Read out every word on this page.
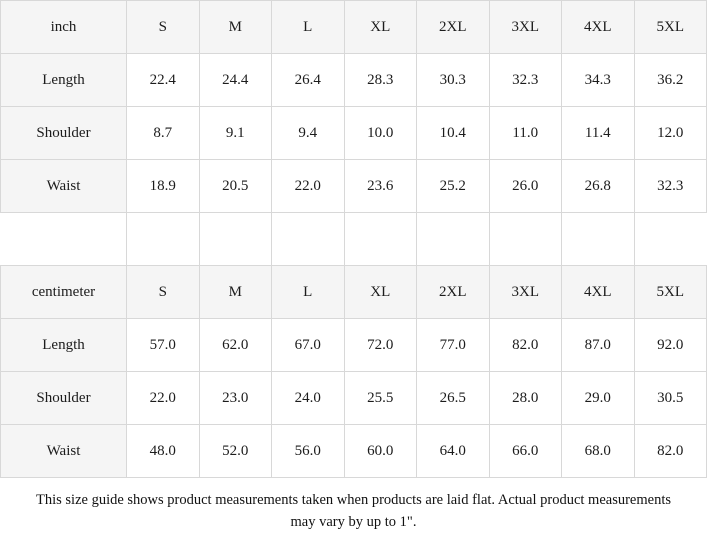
inch	S	M	L	XL	2XL	3XL	4XL	5XL
Length	22.4	24.4	26.4	28.3	30.3	32.3	34.3	36.2
Shoulder	8.7	9.1	9.4	10.0	10.4	11.0	11.4	12.0
Waist	18.9	20.5	22.0	23.6	25.2	26.0	26.8	32.3

centimeter	S	M	L	XL	2XL	3XL	4XL	5XL
Length	57.0	62.0	67.0	72.0	77.0	82.0	87.0	92.0
Shoulder	22.0	23.0	24.0	25.5	26.5	28.0	29.0	30.5
Waist	48.0	52.0	56.0	60.0	64.0	66.0	68.0	82.0
This size guide shows product measurements taken when products are laid flat. Actual product measurements may vary by up to 1".
